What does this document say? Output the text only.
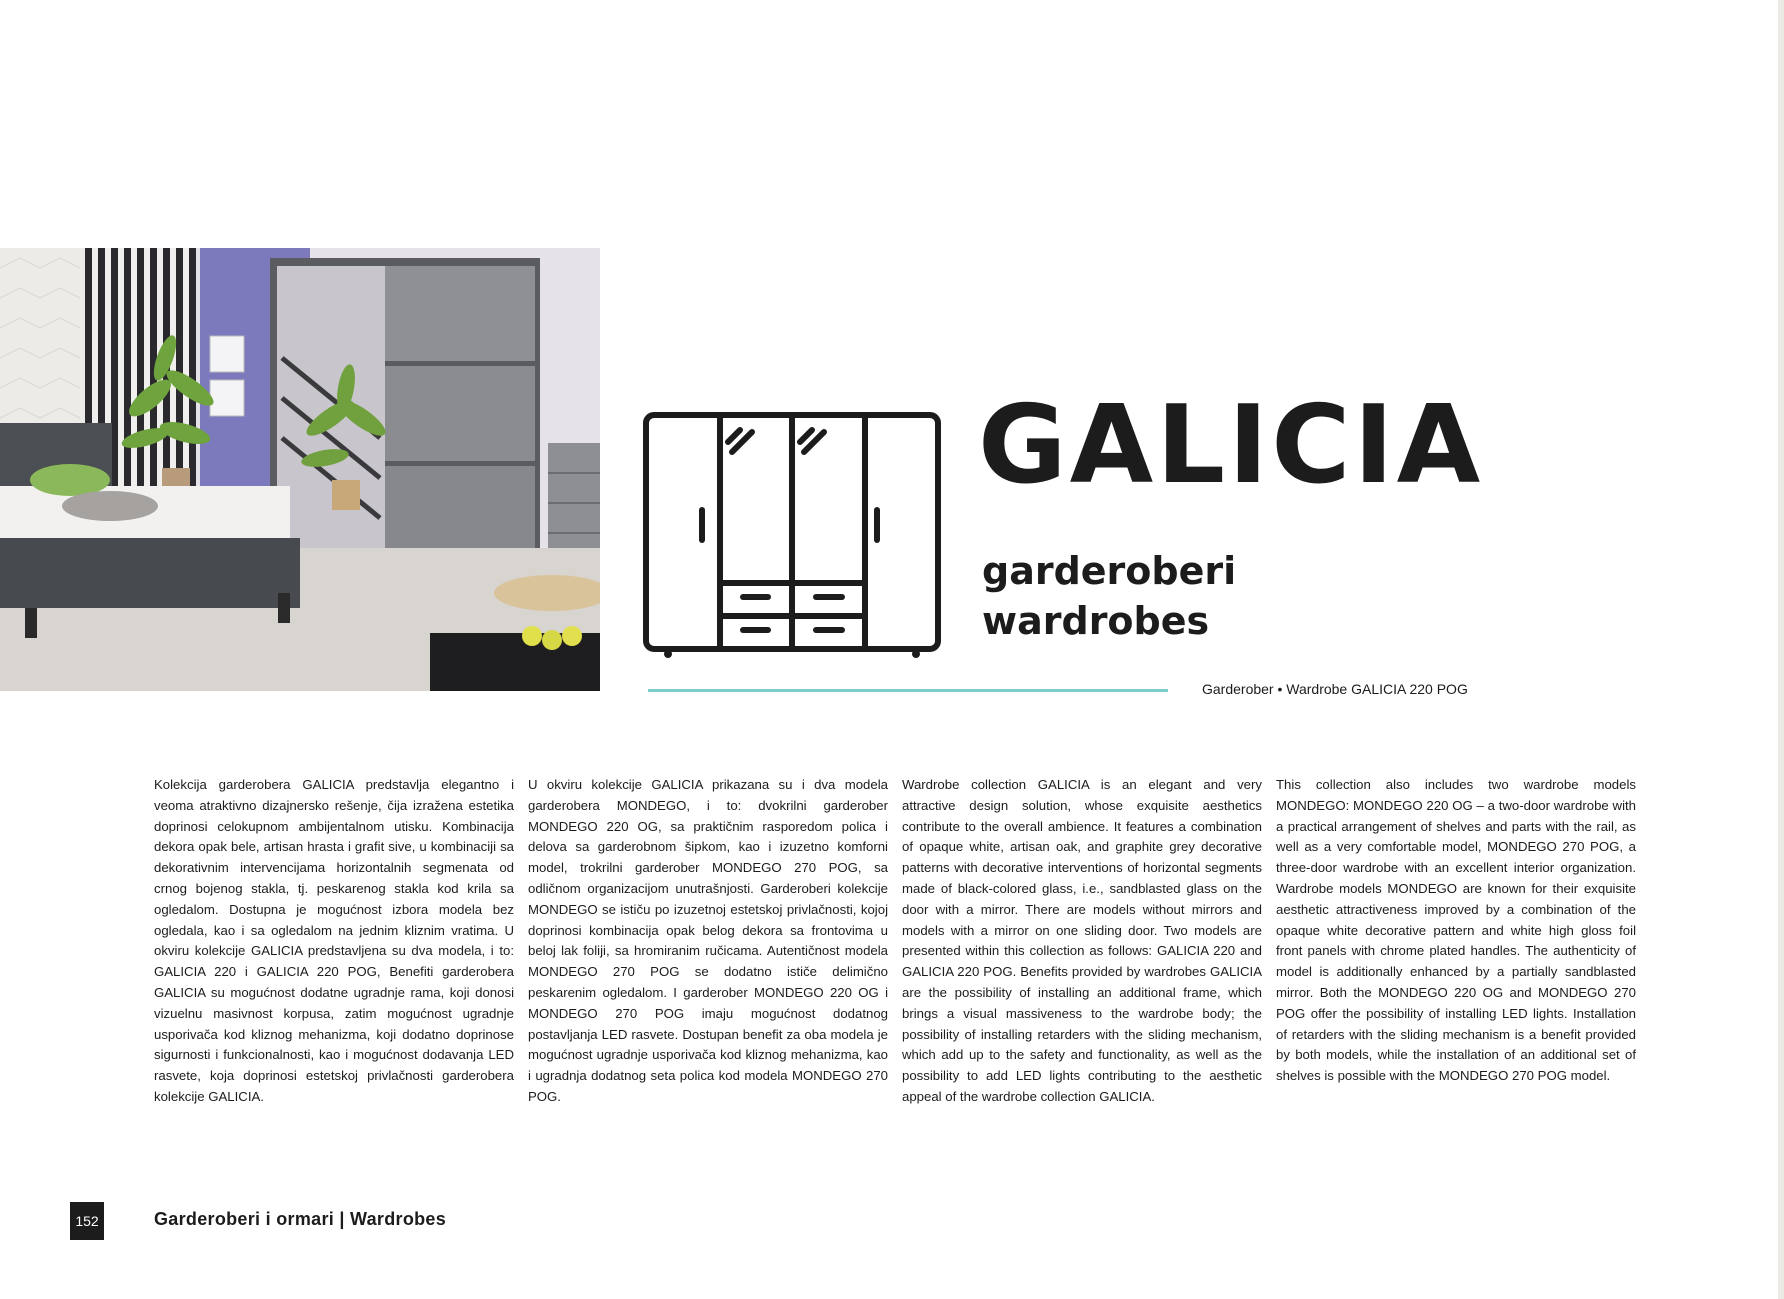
GALICIA
garderoberi
wardrobes
Garderober • Wardrobe GALICIA 220 POG

Kolekcija garderobera GALICIA predstavlja elegantno i veoma atraktivno dizajnersko rešenje, čija izražena estetika doprinosi celokupnom ambijentalnom utisku. Kombinacija dekora opak bele, artisan hrasta i grafit sive, u kombinaciji sa dekorativnim intervencijama horizontalnih segmenata od crnog bojenog stakla, tj. peskarenog stakla kod krila sa ogledalom. Dostupna je mogućnost izbora modela bez ogledala, kao i sa ogledalom na jednim kliznim vratima. U okviru kolekcije GALICIA predstavljena su dva modela, i to: GALICIA 220 i GALICIA 220 POG, Benefiti garderobera GALICIA su mogućnost dodatne ugradnje rama, koji donosi vizuelnu masivnost korpusa, zatim mogućnost ugradnje usporivača kod kliznog mehanizma, koji dodatno doprinose sigurnosti i funkcionalnosti, kao i mogućnost dodavanja LED rasvete, koja doprinosi estetskoj privlačnosti garderobera kolekcije GALICIA.

U okviru kolekcije GALICIA prikazana su i dva modela garderobera MONDEGO, i to: dvokrilni garderober MONDEGO 220 OG, sa praktičnim rasporedom polica i delova sa garderobnom šipkom, kao i izuzetno komforni model, trokrilni garderober MONDEGO 270 POG, sa odličnom organizacijom unutrašnjosti. Garderoberi kolekcije MONDEGO se ističu po izuzetnoj estetskoj privlačnosti, kojoj doprinosi kombinacija opak belog dekora sa frontovima u beloj lak foliji, sa hromiranim ručicama. Autentičnost modela MONDEGO 270 POG se dodatno ističe delimično peskarenim ogledalom. I garderober MONDEGO 220 OG i MONDEGO 270 POG imaju mogućnost dodatnog postavljanja LED rasvete. Dostupan benefit za oba modela je mogućnost ugradnje usporivača kod kliznog mehanizma, kao i ugradnja dodatnog seta polica kod modela MONDEGO 270 POG.

Wardrobe collection GALICIA is an elegant and very attractive design solution, whose exquisite aesthetics contribute to the overall ambience. It features a combination of opaque white, artisan oak, and graphite grey decorative patterns with decorative interventions of horizontal segments made of black-colored glass, i.e., sandblasted glass on the door with a mirror. There are models without mirrors and models with a mirror on one sliding door. Two models are presented within this collection as follows: GALICIA 220 and GALICIA 220 POG. Benefits provided by wardrobes GALICIA are the possibility of installing an additional frame, which brings a visual massiveness to the wardrobe body; the possibility of installing retarders with the sliding mechanism, which add up to the safety and functionality, as well as the possibility to add LED lights contributing to the aesthetic appeal of the wardrobe collection GALICIA.

This collection also includes two wardrobe models MONDEGO: MONDEGO 220 OG – a two-door wardrobe with a practical arrangement of shelves and parts with the rail, as well as a very comfortable model, MONDEGO 270 POG, a three-door wardrobe with an excellent interior organization. Wardrobe models MONDEGO are known for their exquisite aesthetic attractiveness improved by a combination of the opaque white decorative pattern and white high gloss foil front panels with chrome plated handles. The authenticity of model is additionally enhanced by a partially sandblasted mirror. Both the MONDEGO 220 OG and MONDEGO 270 POG offer the possibility of installing LED lights. Installation of retarders with the sliding mechanism is a benefit provided by both models, while the installation of an additional set of shelves is possible with the MONDEGO 270 POG model.

152	Garderoberi i ormari | Wardrobes
